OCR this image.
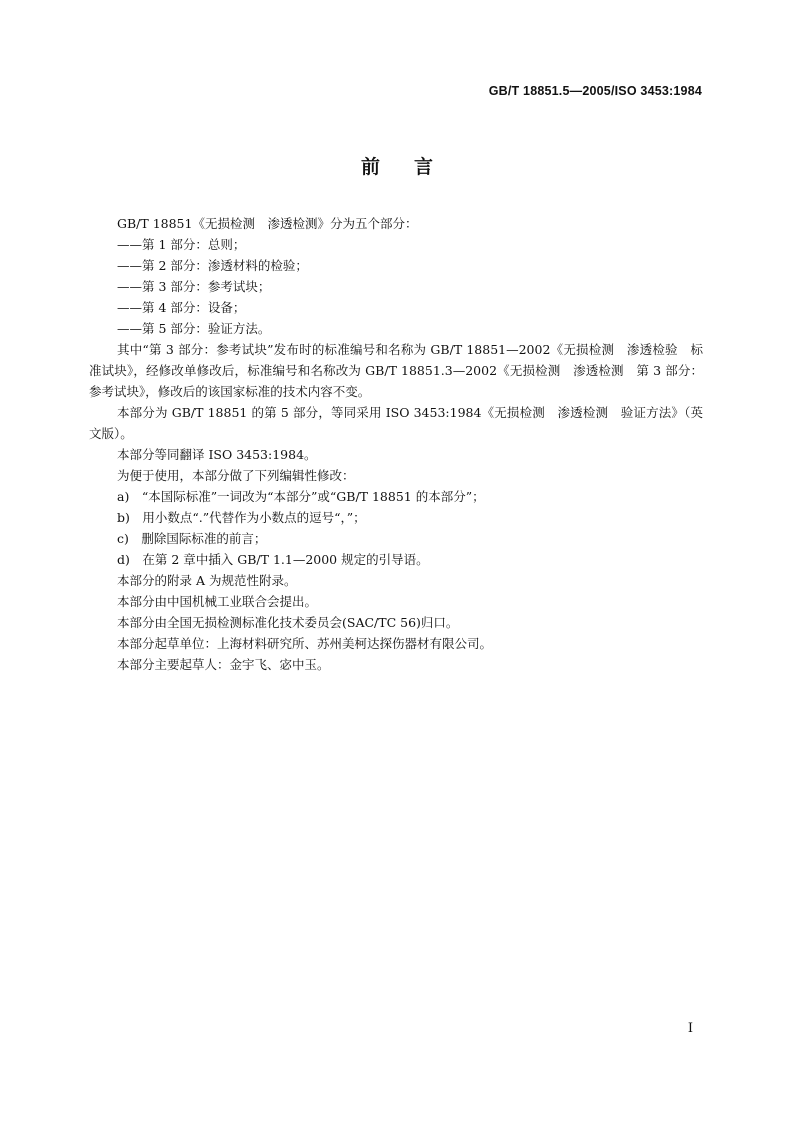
GB/T 18851.5—2005/ISO 3453:1984
前言

GB/T 18851《无损检测　渗透检测》分为五个部分：

——第 1 部分：总则；

——第 2 部分：渗透材料的检验；

——第 3 部分：参考试块；

——第 4 部分：设备；

——第 5 部分：验证方法。

其中“第 3 部分：参考试块”发布时的标准编号和名称为 GB/T 18851—2002《无损检测　渗透检验　标准试块》，经修改单修改后，标准编号和名称改为 GB/T 18851.3—2002《无损检测　渗透检测　第 3 部分：参考试块》，修改后的该国家标准的技术内容不变。

本部分为 GB/T 18851 的第 5 部分，等同采用 ISO 3453:1984《无损检测　渗透检测　验证方法》（英文版）。

本部分等同翻译 ISO 3453:1984。

为便于使用，本部分做了下列编辑性修改：

a)　“本国际标准”一词改为“本部分”或“GB/T 18851 的本部分”；

b)　用小数点“.”代替作为小数点的逗号“，”；

c)　删除国际标准的前言；

d)　在第 2 章中插入 GB/T 1.1—2000 规定的引导语。

本部分的附录 A 为规范性附录。

本部分由中国机械工业联合会提出。

本部分由全国无损检测标准化技术委员会(SAC/TC 56)归口。

本部分起草单位：上海材料研究所、苏州美柯达探伤器材有限公司。

本部分主要起草人：金宇飞、宓中玉。

I
